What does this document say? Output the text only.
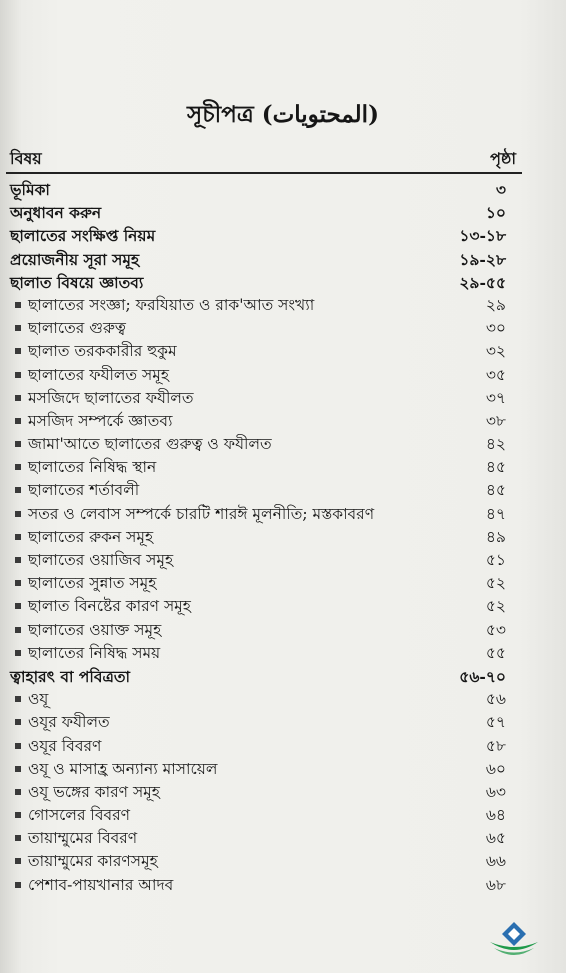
সূচীপত্র (المحتويات)
বিষয়	পৃষ্ঠা
ভূমিকা	৩
অনুধাবন করুন	১০
ছালাতের সংক্ষিপ্ত নিয়ম	১৩-১৮
প্রয়োজনীয় সূরা সমূহ	১৯-২৮
ছালাত বিষয়ে জ্ঞাতব্য	২৯-৫৫
ছালাতের সংজ্ঞা; ফরযিয়াত ও রাক'আত সংখ্যা	২৯
ছালাতের গুরুত্ব	৩০
ছালাত তরককারীর হুকুম	৩২
ছালাতের ফযীলত সমূহ	৩৫
মসজিদে ছালাতের ফযীলত	৩৭
মসজিদ সম্পর্কে জ্ঞাতব্য	৩৮
জামা'আতে ছালাতের গুরুত্ব ও ফযীলত	৪২
ছালাতের নিষিদ্ধ স্থান	৪৫
ছালাতের শর্তাবলী	৪৫
সতর ও লেবাস সম্পর্কে চারটি শারঈ মূলনীতি; মস্তকাবরণ	৪৭
ছালাতের রুকন সমূহ	৪৯
ছালাতের ওয়াজিব সমূহ	৫১
ছালাতের সুন্নাত সমূহ	৫২
ছালাত বিনষ্টের কারণ সমূহ	৫২
ছালাতের ওয়াক্ত সমূহ	৫৩
ছালাতের নিষিদ্ধ সময়	৫৫
ত্বাহারৎ বা পবিত্রতা	৫৬-৭০
ওযূ	৫৬
ওযূর ফযীলত	৫৭
ওযূর বিবরণ	৫৮
ওযূ ও মাসাহ্র অন্যান্য মাসায়েল	৬০
ওযূ ভঙ্গের কারণ সমূহ	৬৩
গোসলের বিবরণ	৬৪
তায়াম্মুমের বিবরণ	৬৫
তায়াম্মুমের কারণসমূহ	৬৬
পেশাব-পায়খানার আদব	৬৮
